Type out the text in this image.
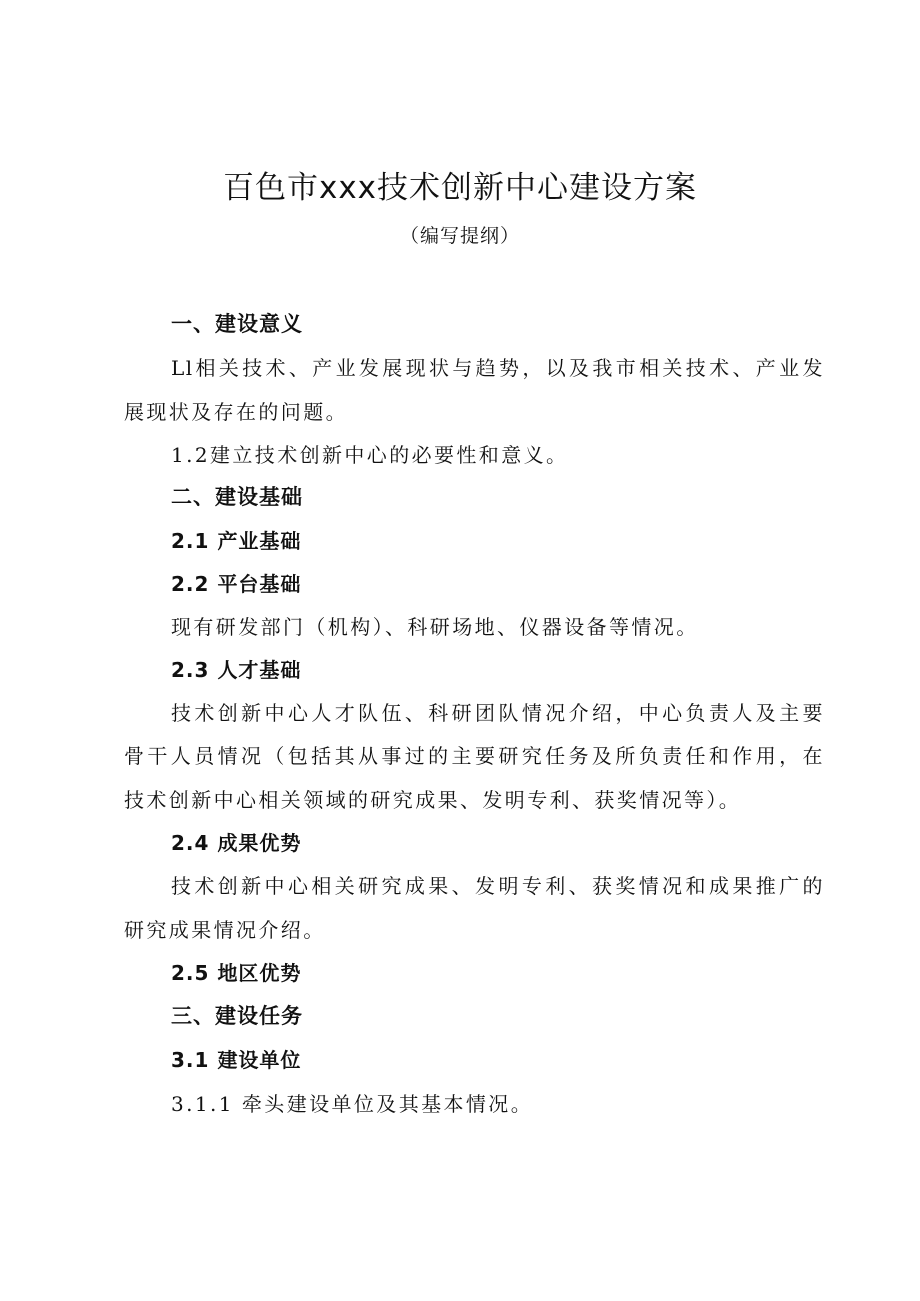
百色市xxx技术创新中心建设方案
（编写提纲）
一、建设意义
Ll相关技术、产业发展现状与趋势，以及我市相关技术、产业发
展现状及存在的问题。
1.2建立技术创新中心的必要性和意义。
二、建设基础
2.1 产业基础
2.2 平台基础
现有研发部门（机构）、科研场地、仪器设备等情况。
2.3 人才基础
技术创新中心人才队伍、科研团队情况介绍，中心负责人及主要
骨干人员情况（包括其从事过的主要研究任务及所负责任和作用，在
技术创新中心相关领域的研究成果、发明专利、获奖情况等）。
2.4 成果优势
技术创新中心相关研究成果、发明专利、获奖情况和成果推广的
研究成果情况介绍。
2.5 地区优势
三、建设任务
3.1 建设单位
3.1.1 牵头建设单位及其基本情况。
